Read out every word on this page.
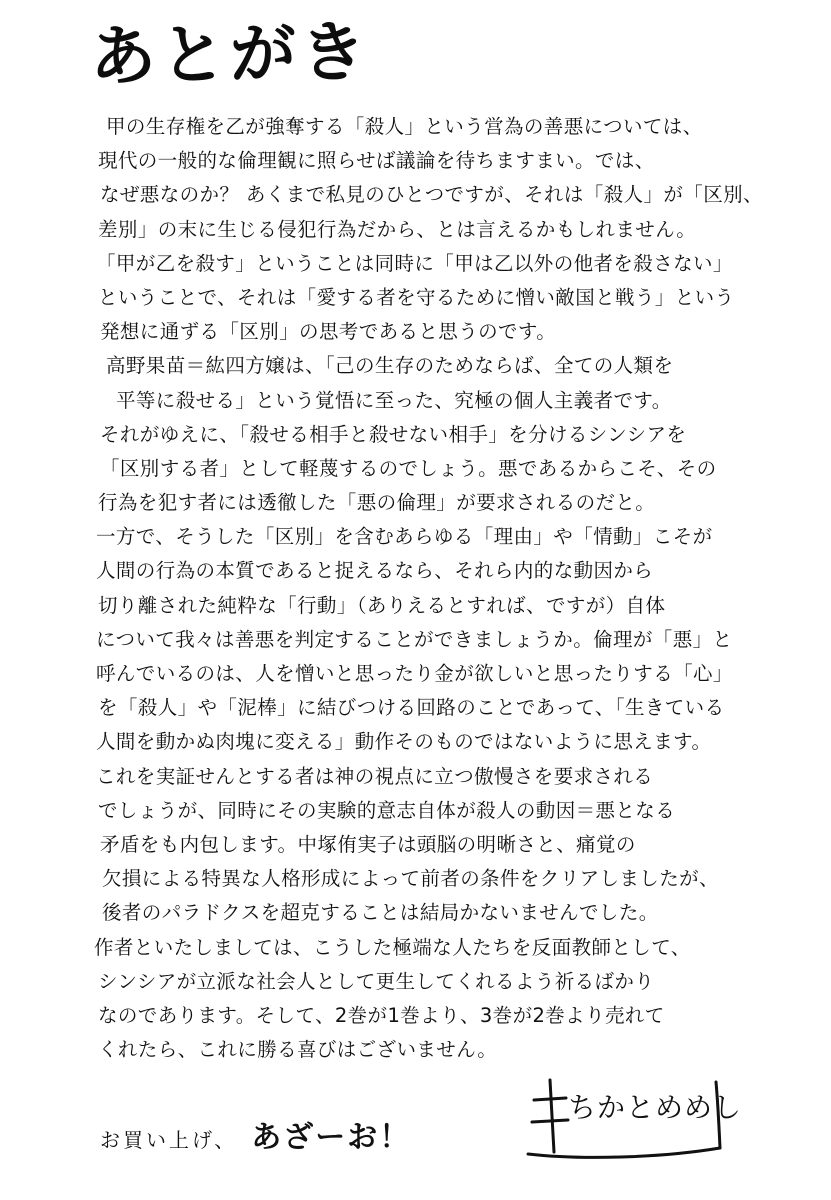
あとがき
甲の生存権を乙が強奪する「殺人」という営為の善悪については、
現代の一般的な倫理観に照らせば議論を待ちますまい。では、
なぜ悪なのか？ あくまで私見のひとつですが、それは「殺人」が「区別、
差別」の末に生じる侵犯行為だから、とは言えるかもしれません。
「甲が乙を殺す」ということは同時に「甲は乙以外の他者を殺さない」
ということで、それは「愛する者を守るために憎い敵国と戦う」という
発想に通ずる「区別」の思考であると思うのです。
高野果苗＝紘四方嬢は、「己の生存のためならば、全ての人類を
平等に殺せる」という覚悟に至った、究極の個人主義者です。
それがゆえに、「殺せる相手と殺せない相手」を分けるシンシアを
「区別する者」として軽蔑するのでしょう。悪であるからこそ、その
行為を犯す者には透徹した「悪の倫理」が要求されるのだと。
一方で、そうした「区別」を含むあらゆる「理由」や「情動」こそが
人間の行為の本質であると捉えるなら、それら内的な動因から
切り離された純粋な「行動」（ありえるとすれば、ですが）自体
について我々は善悪を判定することができましょうか。倫理が「悪」と
呼んでいるのは、人を憎いと思ったり金が欲しいと思ったりする「心」
を「殺人」や「泥棒」に結びつける回路のことであって、「生きている
人間を動かぬ肉塊に変える」動作そのものではないように思えます。
これを実証せんとする者は神の視点に立つ傲慢さを要求される
でしょうが、同時にその実験的意志自体が殺人の動因＝悪となる
矛盾をも内包します。中塚侑実子は頭脳の明晰さと、痛覚の
欠損による特異な人格形成によって前者の条件をクリアしましたが、
後者のパラドクスを超克することは結局かないませんでした。
作者といたしましては、こうした極端な人たちを反面教師として、
シンシアが立派な社会人として更生してくれるよう祈るばかり
なのであります。そして、2巻が1巻より、3巻が2巻より売れて
くれたら、これに勝る喜びはございません。
お買い上げ、 あざーお！
ちかとめめし
